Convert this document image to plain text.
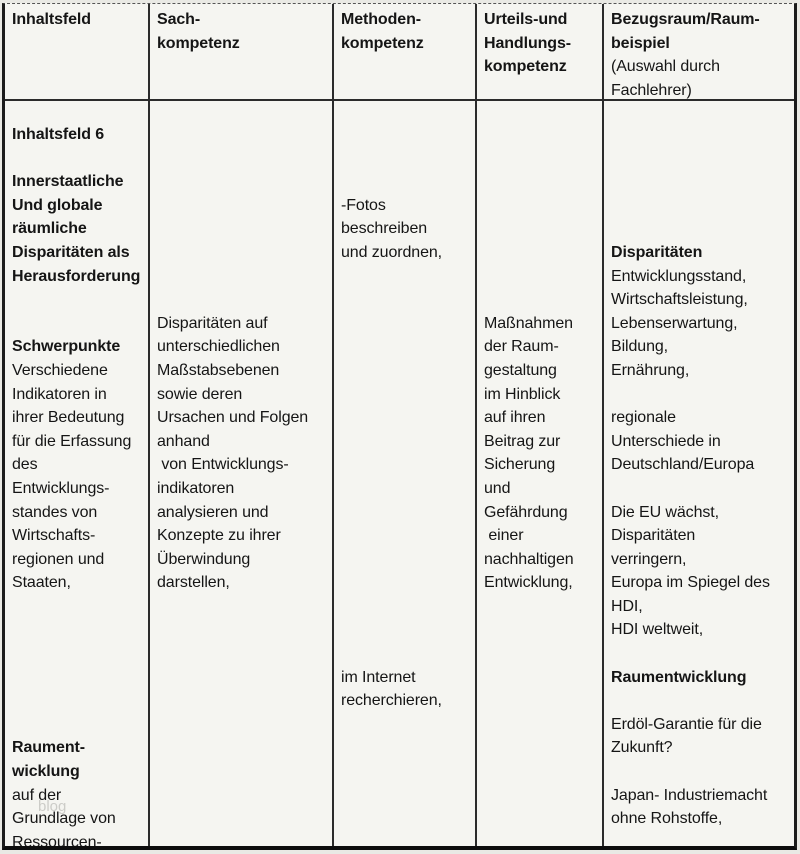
Inhaltsfeld	Sach-
kompetenz
Methoden-
kompetenz
Urteils-und
Handlungs-
kompetenz
Bezugsraum/Raum-
beispiel
(Auswahl durch
Fachlehrer)
Inhaltsfeld 6

Innerstaatliche
Und globale
räumliche
Disparitäten als
Herausforderung

Schwerpunkte
Verschiedene
Indikatoren in
ihrer Bedeutung
für die Erfassung
des
Entwicklungs-
standes von
Wirtschafts-
regionen und
Staaten,

Raument-
wicklung
auf der
Grundlage von
Ressourcen-

Disparitäten auf
unterschiedlichen
Maßstabsebenen
sowie deren
Ursachen und Folgen
anhand
von Entwicklungs-
indikatoren
analysieren und
Konzepte zu ihrer
Überwindung
darstellen,

-Fotos
beschreiben
und zuordnen,

im Internet
recherchieren,

Maßnahmen
der Raum-
gestaltung
im Hinblick
auf ihren
Beitrag zur
Sicherung
und
Gefährdung
einer
nachhaltigen
Entwicklung,

Disparitäten
Entwicklungsstand,
Wirtschaftsleistung,
Lebenserwartung,
Bildung,
Ernährung,

regionale
Unterschiede in
Deutschland/Europa

Die EU wächst,
Disparitäten
verringern,
Europa im Spiegel des
HDI,
HDI weltweit,

Raumentwicklung

Erdöl-Garantie für die
Zukunft?

Japan- Industriemacht
ohne Rohstoffe,
blog
